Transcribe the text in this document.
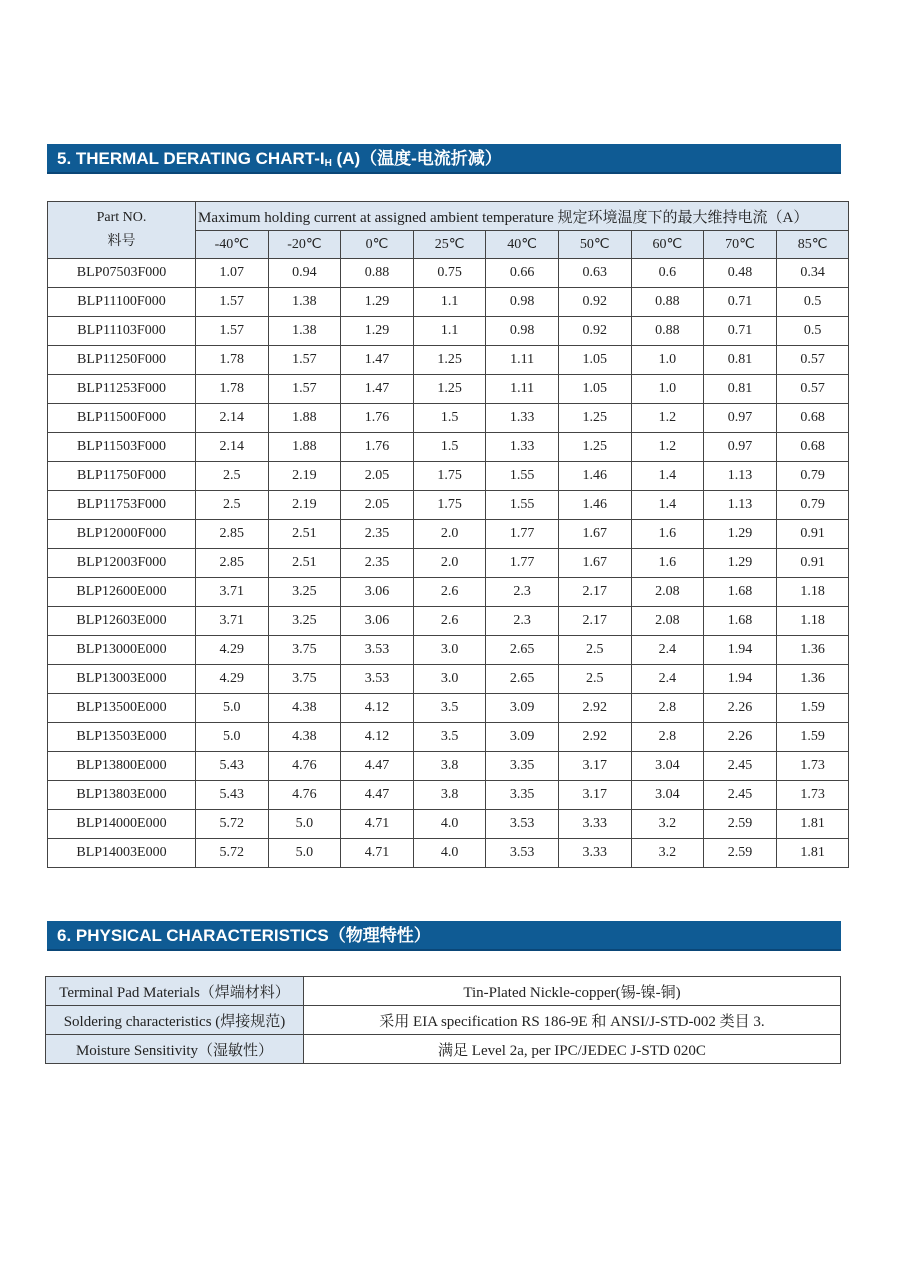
5. THERMAL DERATING CHART-$I_H$ (A)（温度-电流折减）
Part NO.
料号	Maximum holding current at assigned ambient temperature 规定环境温度下的最大维持电流（A）								
	-40℃	-20℃	0℃	25℃	40℃	50℃	60℃	70℃	85℃
BLP07503F000	1.07	0.94	0.88	0.75	0.66	0.63	0.6	0.48	0.34
BLP11100F000	1.57	1.38	1.29	1.1	0.98	0.92	0.88	0.71	0.5
BLP11103F000	1.57	1.38	1.29	1.1	0.98	0.92	0.88	0.71	0.5
BLP11250F000	1.78	1.57	1.47	1.25	1.11	1.05	1.0	0.81	0.57
BLP11253F000	1.78	1.57	1.47	1.25	1.11	1.05	1.0	0.81	0.57
BLP11500F000	2.14	1.88	1.76	1.5	1.33	1.25	1.2	0.97	0.68
BLP11503F000	2.14	1.88	1.76	1.5	1.33	1.25	1.2	0.97	0.68
BLP11750F000	2.5	2.19	2.05	1.75	1.55	1.46	1.4	1.13	0.79
BLP11753F000	2.5	2.19	2.05	1.75	1.55	1.46	1.4	1.13	0.79
BLP12000F000	2.85	2.51	2.35	2.0	1.77	1.67	1.6	1.29	0.91
BLP12003F000	2.85	2.51	2.35	2.0	1.77	1.67	1.6	1.29	0.91
BLP12600E000	3.71	3.25	3.06	2.6	2.3	2.17	2.08	1.68	1.18
BLP12603E000	3.71	3.25	3.06	2.6	2.3	2.17	2.08	1.68	1.18
BLP13000E000	4.29	3.75	3.53	3.0	2.65	2.5	2.4	1.94	1.36
BLP13003E000	4.29	3.75	3.53	3.0	2.65	2.5	2.4	1.94	1.36
BLP13500E000	5.0	4.38	4.12	3.5	3.09	2.92	2.8	2.26	1.59
BLP13503E000	5.0	4.38	4.12	3.5	3.09	2.92	2.8	2.26	1.59
BLP13800E000	5.43	4.76	4.47	3.8	3.35	3.17	3.04	2.45	1.73
BLP13803E000	5.43	4.76	4.47	3.8	3.35	3.17	3.04	2.45	1.73
BLP14000E000	5.72	5.0	4.71	4.0	3.53	3.33	3.2	2.59	1.81
BLP14003E000	5.72	5.0	4.71	4.0	3.53	3.33	3.2	2.59	1.81
6. PHYSICAL CHARACTERISTICS（物理特性）
Terminal Pad Materials（焊端材料）	Tin-Plated Nickle-copper(锡-镍-铜)
Soldering characteristics (焊接规范)	采用 EIA specification RS 186-9E 和 ANSI/J-STD-002 类目 3.
Moisture Sensitivity（湿敏性）	满足 Level 2a, per IPC/JEDEC J-STD 020C
